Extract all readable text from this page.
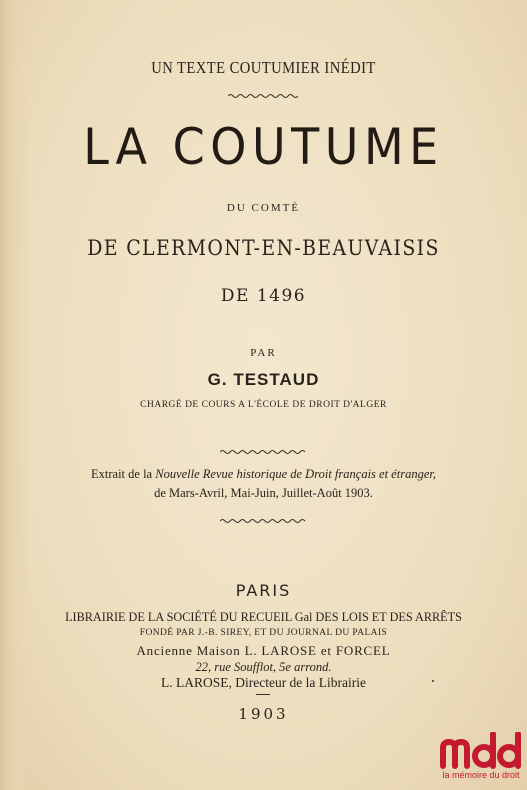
UN TEXTE COUTUMIER INÉDIT
LA COUTUME
DU COMTÉ
DE CLERMONT-EN-BEAUVAISIS
DE 1496
PAR
G. TESTAUD
CHARGÉ DE COURS A L'ÉCOLE DE DROIT D'ALGER
Extrait de la Nouvelle Revue historique de Droit français et étranger,
de Mars-Avril, Mai-Juin, Juillet-Août 1903.
PARIS
LIBRAIRIE DE LA SOCIÉTÉ DU RECUEIL Gal DES LOIS ET DES ARRÊTS
FONDÉ PAR J.-B. SIREY, ET DU JOURNAL DU PALAIS
Ancienne Maison L. LAROSE et FORCEL
22, rue Soufflot, 5e arrond.
L. LAROSE, Directeur de la Librairie
1903
la mémoire du droit
